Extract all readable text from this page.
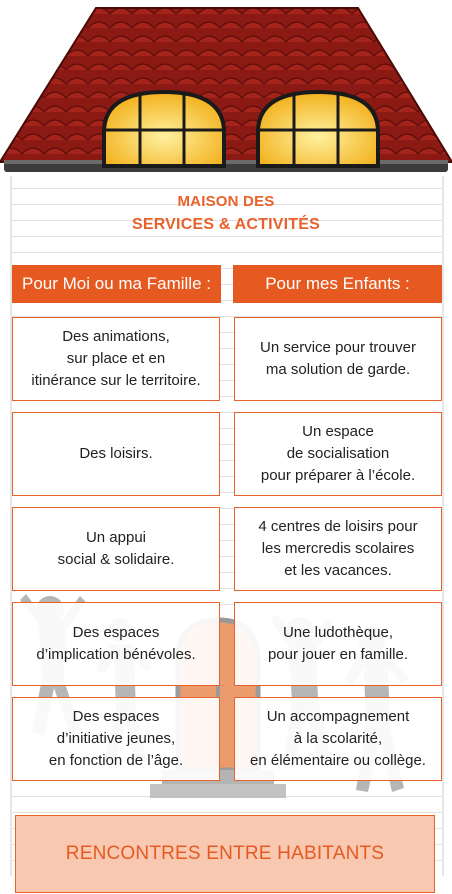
MAISON DES
SERVICES & ACTIVITÉS
Pour Moi ou ma Famille :	Pour mes Enfants :
Des animations,
sur place et en
itinérance sur le territoire.
Des loisirs.
Un appui
social & solidaire.
Des espaces
d’implication bénévoles.
Des espaces
d’initiative jeunes,
en fonction de l’âge.
Un service pour trouver
ma solution de garde.
Un espace
de socialisation
pour préparer à l’école.
4 centres de loisirs pour
les mercredis scolaires
et les vacances.
Une ludothèque,
pour jouer en famille.
Un accompagnement
à la scolarité,
en élémentaire ou collège.
RENCONTRES ENTRE HABITANTS
